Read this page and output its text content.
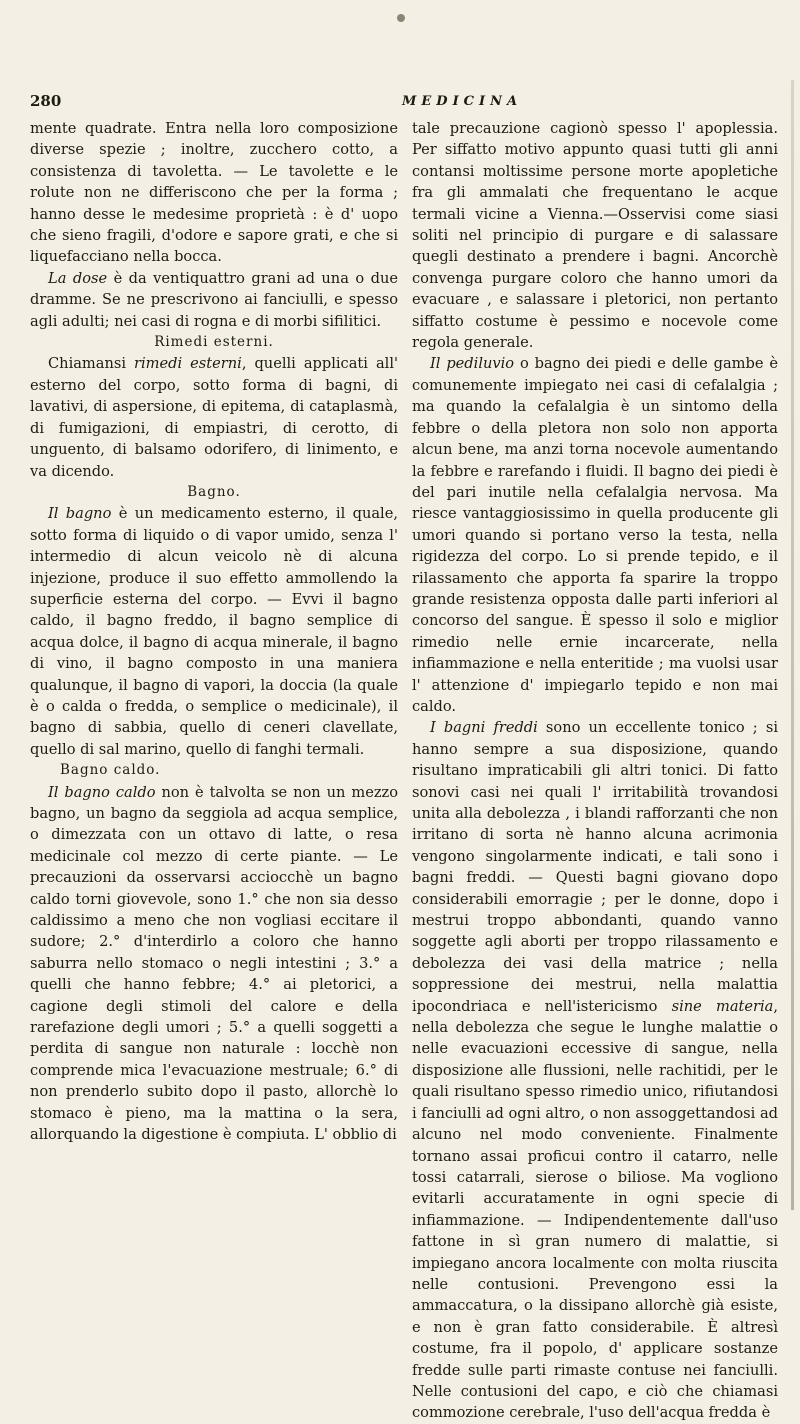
280	MEDICINA

mente quadrate. Entra nella loro composizione diverse spezie ; inoltre, zucchero cotto, a consistenza di tavoletta. — Le tavolette e le rolute non ne differiscono che per la forma ; hanno desse le medesime proprietà : è d' uopo che sieno fragili, d'odore e sapore grati, e che si liquefacciano nella bocca.

La dose è da ventiquattro grani ad una o due dramme. Se ne prescrivono ai fanciulli, e spesso agli adulti; nei casi di rogna e di morbi sifilitici.

Rimedi esterni.

Chiamansi rimedi esterni, quelli applicati all' esterno del corpo, sotto forma di bagni, di lavativi, di aspersione, di epitema, di cataplasmà, di fumigazioni, di empiastri, di cerotto, di unguento, di balsamo odorifero, di linimento, e va dicendo.

Bagno.

Il bagno è un medicamento esterno, il quale, sotto forma di liquido o di vapor umido, senza l' intermedio di alcun veicolo nè di alcuna injezione, produce il suo effetto ammollendo la superficie esterna del corpo. — Evvi il bagno caldo, il bagno freddo, il bagno semplice di acqua dolce, il bagno di acqua minerale, il bagno di vino, il bagno composto in una maniera qualunque, il bagno di vapori, la doccia (la quale è o calda o fredda, o semplice o medicinale), il bagno di sabbia, quello di ceneri clavellate, quello di sal marino, quello di fanghi termali.

Bagno caldo.

Il bagno caldo non è talvolta se non un mezzo bagno, un bagno da seggiola ad acqua semplice, o dimezzata con un ottavo di latte, o resa medicinale col mezzo di certe piante. — Le precauzioni da osservarsi acciocchè un bagno caldo torni giovevole, sono 1.° che non sia desso caldissimo a meno che non vogliasi eccitare il sudore; 2.° d'interdirlo a coloro che hanno saburra nello stomaco o negli intestini ; 3.° a quelli che hanno febbre; 4.° ai pletorici, a cagione degli stimoli del calore e della rarefazione degli umori ; 5.° a quelli soggetti a perdita di sangue non naturale : locchè non comprende mica l'evacuazione mestruale; 6.° di non prenderlo subito dopo il pasto, allorchè lo stomaco è pieno, ma la mattina o la sera, allorquando la digestione è compiuta. L' obblio di

tale precauzione cagionò spesso l' apoplessia. Per siffatto motivo appunto quasi tutti gli anni contansi moltissime persone morte apopletiche fra gli ammalati che frequentano le acque termali vicine a Vienna.—Osservisi come siasi soliti nel principio di purgare e di salassare quegli destinato a prendere i bagni. Ancorchè convenga purgare coloro che hanno umori da evacuare , e salassare i pletorici, non pertanto siffatto costume è pessimo e nocevole come regola generale.

Il pediluvio o bagno dei piedi e delle gambe è comunemente impiegato nei casi di cefalalgia ; ma quando la cefalalgia è un sintomo della febbre o della pletora non solo non apporta alcun bene, ma anzi torna nocevole aumentando la febbre e rarefando i fluidi. Il bagno dei piedi è del pari inutile nella cefalalgia nervosa. Ma riesce vantaggiosissimo in quella producente gli umori quando si portano verso la testa, nella rigidezza del corpo. Lo si prende tepido, e il rilassamento che apporta fa sparire la troppo grande resistenza opposta dalle parti inferiori al concorso del sangue. È spesso il solo e miglior rimedio nelle ernie incarcerate, nella infiammazione e nella enteritide ; ma vuolsi usar l' attenzione d' impiegarlo tepido e non mai caldo.

I bagni freddi sono un eccellente tonico ; si hanno sempre a sua disposizione, quando risultano impraticabili gli altri tonici. Di fatto sonovi casi nei quali l' irritabilità trovandosi unita alla debolezza , i blandi rafforzanti che non irritano di sorta nè hanno alcuna acrimonia vengono singolarmente indicati, e tali sono i bagni freddi. — Questi bagni giovano dopo considerabili emorragie ; per le donne, dopo i mestrui troppo abbondanti, quando vanno soggette agli aborti per troppo rilassamento e debolezza dei vasi della matrice ; nella soppressione dei mestrui, nella malattia ipocondriaca e nell'istericismo sine materia, nella debolezza che segue le lunghe malattie o nelle evacuazioni eccessive di sangue, nella disposizione alle flussioni, nelle rachitidi, per le quali risultano spesso rimedio unico, rifiutandosi i fanciulli ad ogni altro, o non assoggettandosi ad alcuno nel modo conveniente. Finalmente tornano assai proficui contro il catarro, nelle tossi catarrali, sierose o biliose. Ma vogliono evitarli accuratamente in ogni specie di infiammazione. — Indipendentemente dall'uso fattone in sì gran numero di malattie, si impiegano ancora localmente con molta riuscita nelle contusioni. Prevengono essi la ammaccatura, o la dissipano allorchè già esiste, e non è gran fatto considerabile. È altresì costume, fra il popolo, d' applicare sostanze fredde sulle parti rimaste contuse nei fanciulli. Nelle contusioni del capo, e ciò che chiamasi commozione cerebrale, l'uso dell'acqua fredda è
